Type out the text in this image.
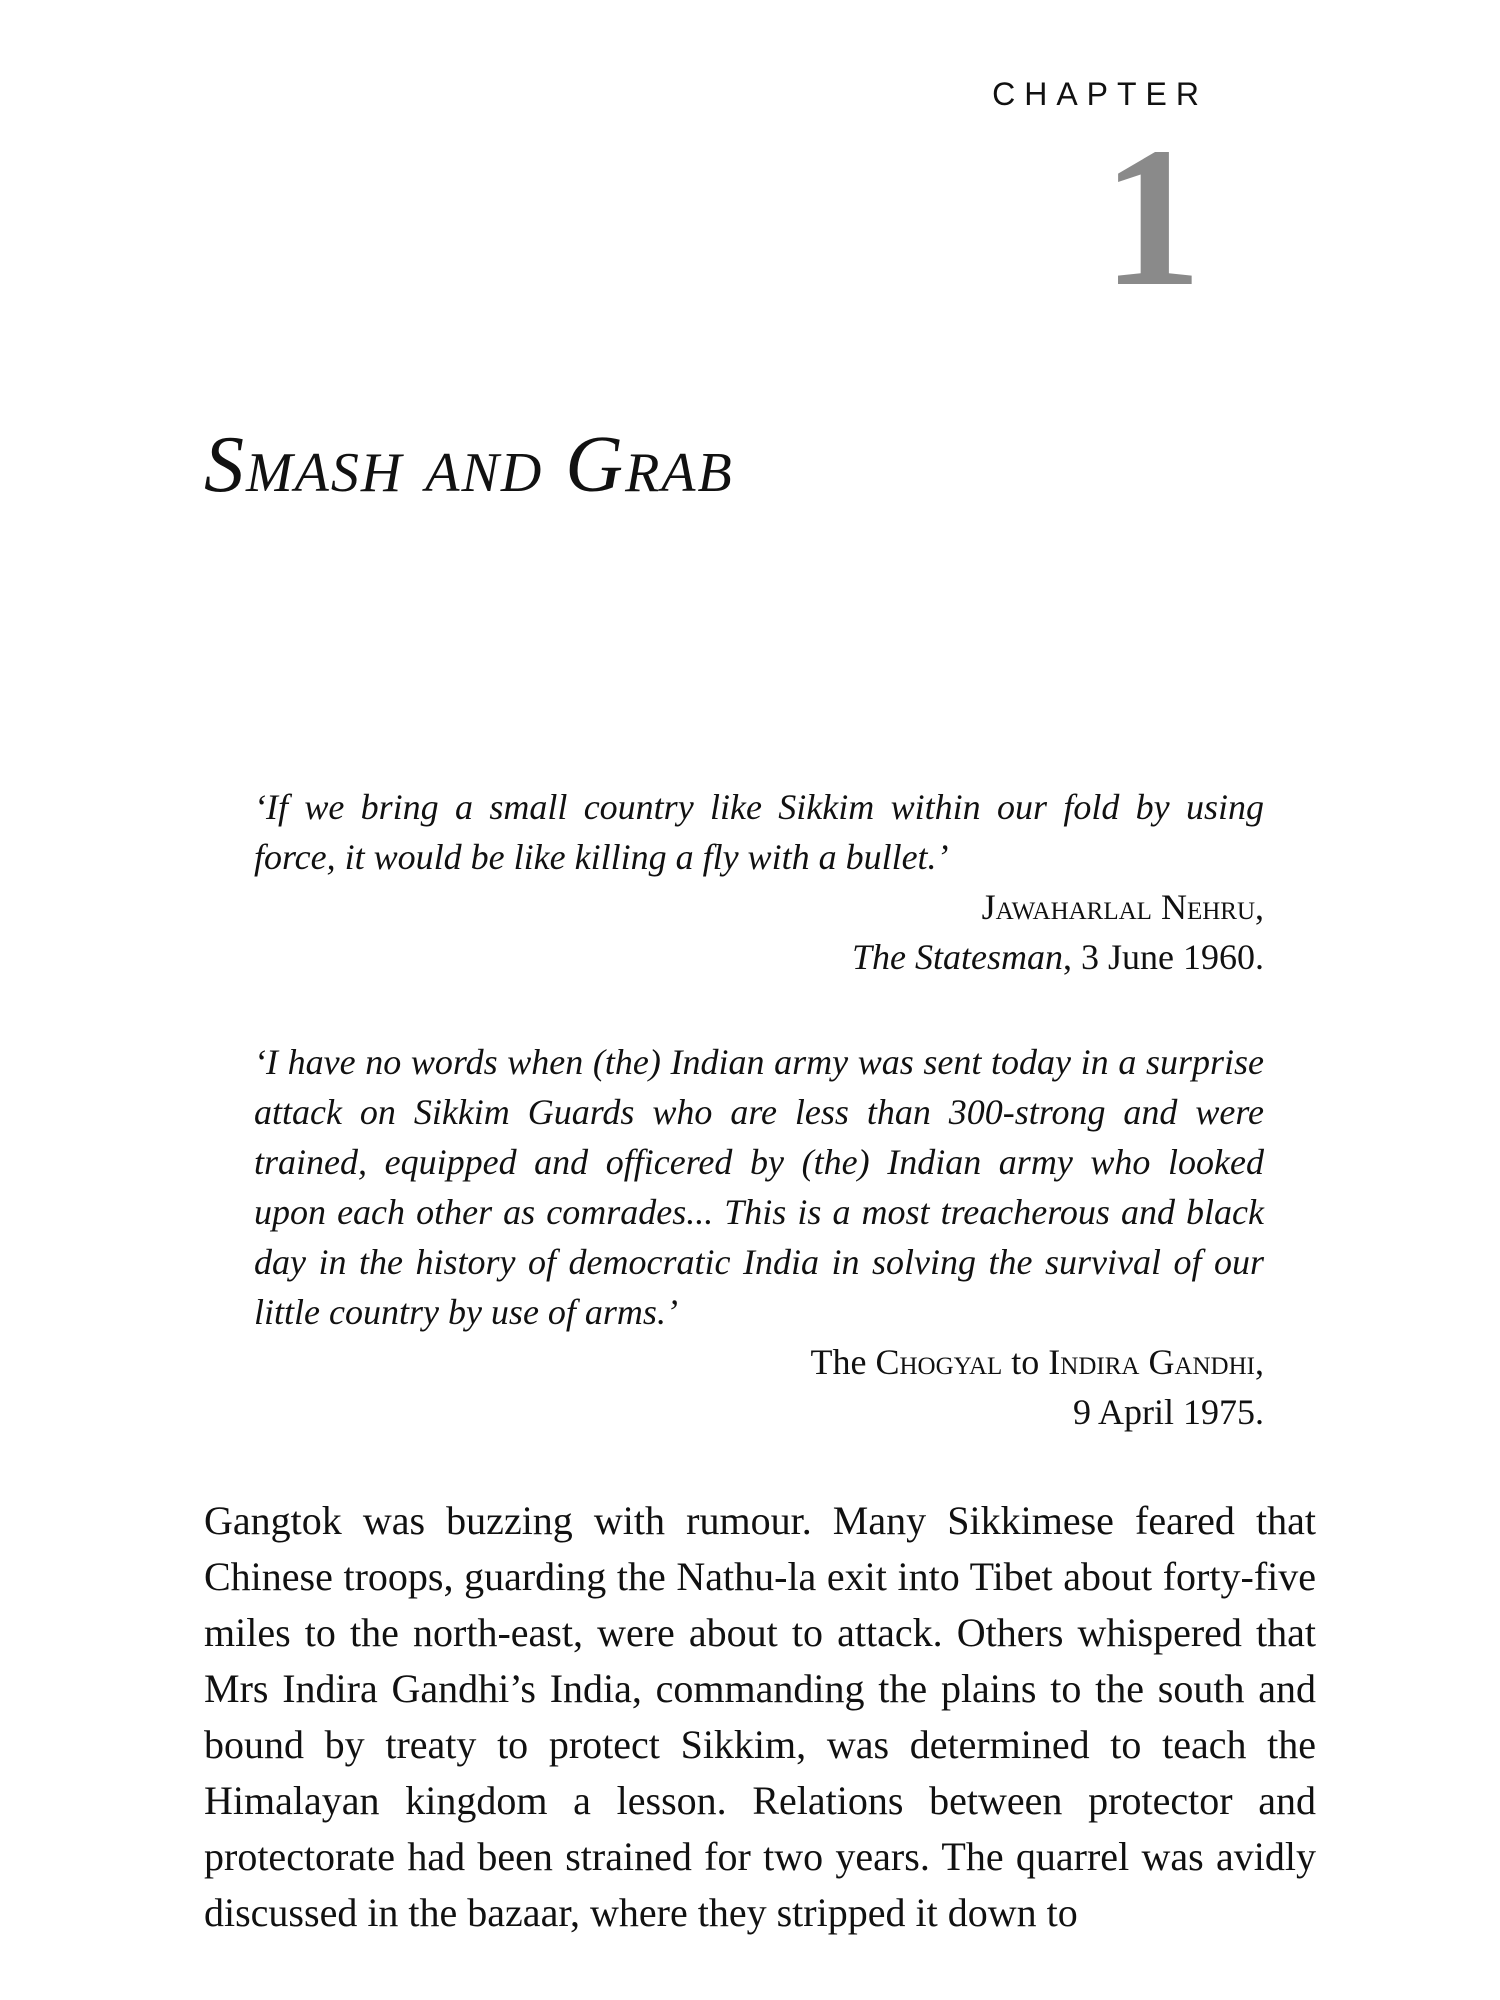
CHAPTER
1
Smash and Grab
‘If we bring a small country like Sikkim within our fold by using force, it would be like killing a fly with a bullet.’
Jawaharlal Nehru,
The Statesman, 3 June 1960.
‘I have no words when (the) Indian army was sent today in a surprise attack on Sikkim Guards who are less than 300-strong and were trained, equipped and officered by (the) Indian army who looked upon each other as comrades... This is a most treacherous and black day in the history of democratic India in solving the survival of our little country by use of arms.’
The Chogyal to Indira Gandhi,
9 April 1975.

Gangtok was buzzing with rumour. Many Sikkimese feared that Chinese troops, guarding the Nathu-la exit into Tibet about forty-five miles to the north-east, were about to attack. Others whispered that Mrs Indira Gandhi’s India, commanding the plains to the south and bound by treaty to protect Sikkim, was determined to teach the Himalayan kingdom a lesson. Relations between protector and protectorate had been strained for two years. The quarrel was avidly discussed in the bazaar, where they stripped it down to
